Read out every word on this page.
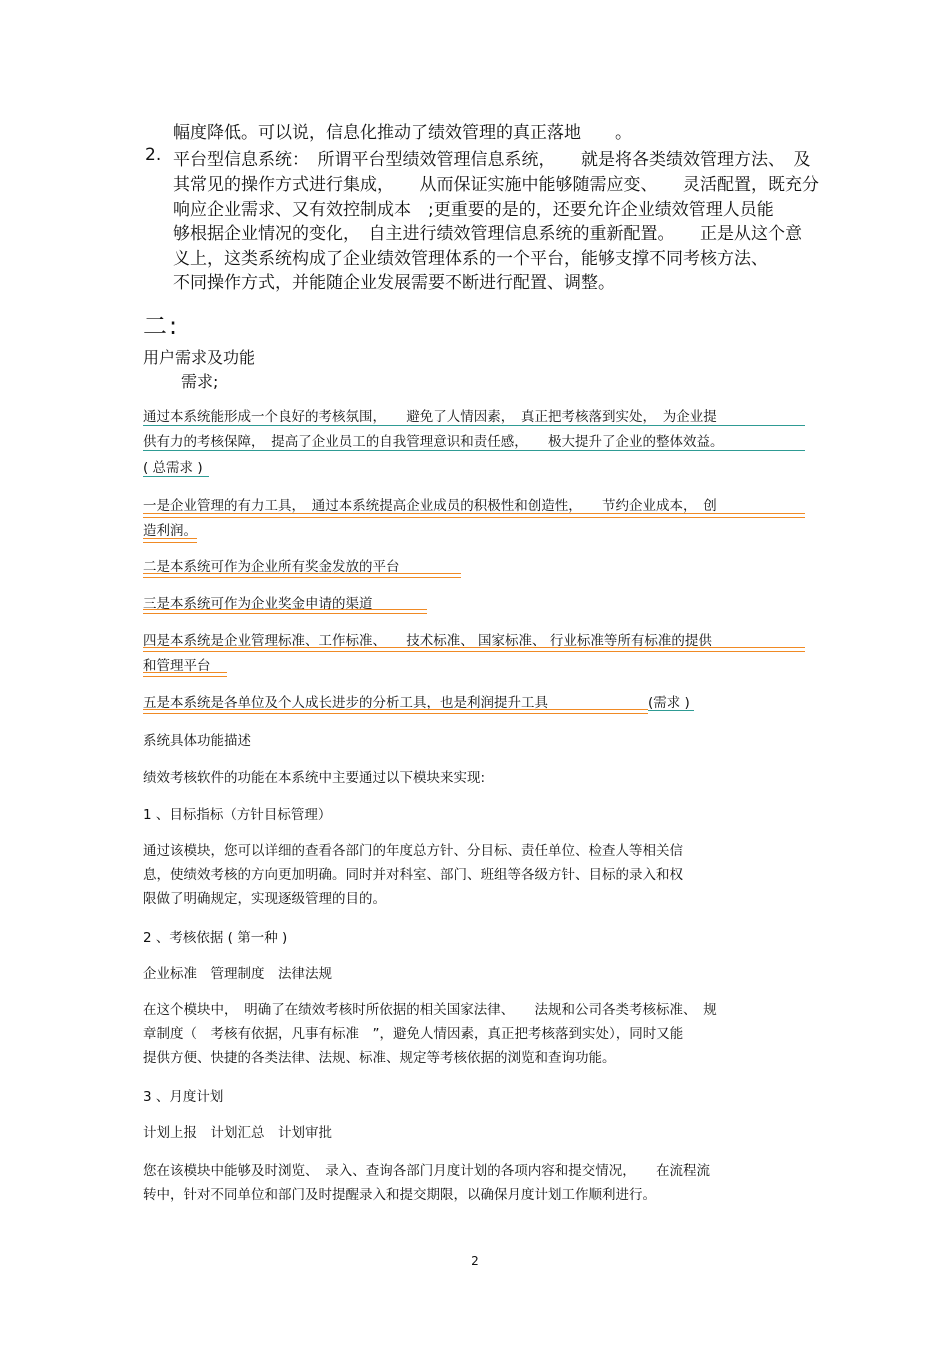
幅度降低。可以说，信息化推动了绩效管理的真正落地　　。
2. 平台型信息系统：　所谓平台型绩效管理信息系统，　　就是将各类绩效管理方法、　及
其常见的操作方式进行集成，　　从而保证实施中能够随需应变、　　灵活配置，既充分
响应企业需求、又有效控制成本　;更重要的是的，还要允许企业绩效管理人员能
够根据企业情况的变化，　自主进行绩效管理信息系统的重新配置。　　正是从这个意
义上，这类系统构成了企业绩效管理体系的一个平台，能够支撑不同考核方法、
不同操作方式，并能随企业发展需要不断进行配置、调整。
二:
用户需求及功能
需求;
通过本系统能形成一个良好的考核氛围，　　避免了人情因素，　真正把考核落到实处，　为企业提
供有力的考核保障，　提高了企业员工的自我管理意识和责任感，　　极大提升了企业的整体效益。
( 总需求 )
一是企业管理的有力工具，　通过本系统提高企业成员的积极性和创造性，　　节约企业成本，　创
造利润。
二是本系统可作为企业所有奖金发放的平台
三是本系统可作为企业奖金申请的渠道
四是本系统是企业管理标准、工作标准、　　技术标准、 国家标准、 行业标准等所有标准的提供
和管理平台
五是本系统是各单位及个人成长进步的分析工具，也是利润提升工具	(需求 )
系统具体功能描述
绩效考核软件的功能在本系统中主要通过以下模块来实现:
1 、目标指标（方针目标管理）
通过该模块，您可以详细的查看各部门的年度总方针、分目标、责任单位、检查人等相关信
息，使绩效考核的方向更加明确。同时并对科室、部门、班组等各级方针、目标的录入和权
限做了明确规定，实现逐级管理的目的。
2 、考核依据 ( 第一种 )
企业标准　管理制度　法律法规
在这个模块中，　明确了在绩效考核时所依据的相关国家法律、　　法规和公司各类考核标准、　规
章制度（　考核有依据，凡事有标准　”，避免人情因素，真正把考核落到实处），同时又能
提供方便、快捷的各类法律、法规、标准、规定等考核依据的浏览和查询功能。
3 、月度计划
计划上报　计划汇总　计划审批
您在该模块中能够及时浏览、　录入、查询各部门月度计划的各项内容和提交情况，　　在流程流
转中，针对不同单位和部门及时提醒录入和提交期限，以确保月度计划工作顺利进行。
2
